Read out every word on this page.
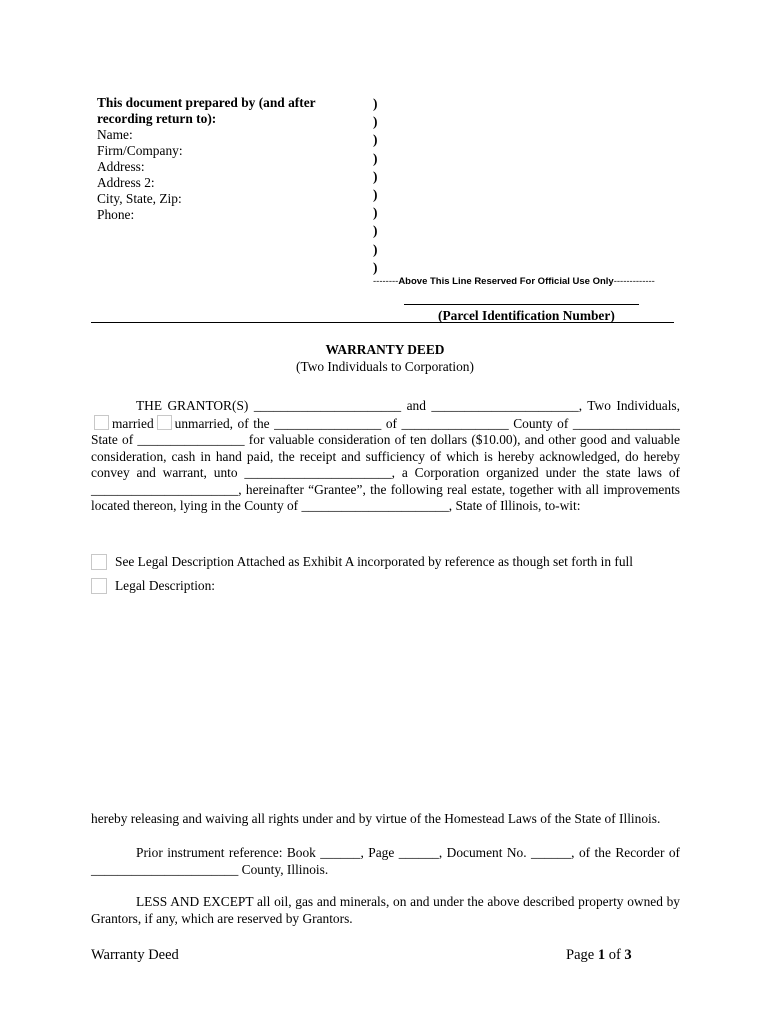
This document prepared by (and after recording return to):
Name:
Firm/Company:
Address:
Address 2:
City, State, Zip:
Phone:
)
)
)
)
)
)
)
)
)
)
--------Above This Line Reserved For Official Use Only-------------
(Parcel Identification Number)
WARRANTY DEED
(Two Individuals to Corporation)
THE GRANTOR(S) ______________________ and ______________________, Two Individuals,married unmarried, of the ________________ of ________________ County of ________________ State of ________________ for valuable consideration of ten dollars ($10.00), and other good and valuable consideration, cash in hand paid, the receipt and sufficiency of which is hereby acknowledged, do hereby convey and warrant, unto ______________________, a Corporation organized under the state laws of ______________________, hereinafter “Grantee”, the following real estate, together with all improvements located thereon, lying in the County of ______________________, State of Illinois, to-wit:
See Legal Description Attached as Exhibit A incorporated by reference as though set forth in full
Legal Description:
hereby releasing and waiving all rights under and by virtue of the Homestead Laws of the State of Illinois.
Prior instrument reference: Book ______, Page ______, Document No. ______, of the Recorder of ______________________ County, Illinois.
LESS AND EXCEPT all oil, gas and minerals, on and under the above described property owned by Grantors, if any, which are reserved by Grantors.
Warranty Deed	Page 1 of 3
